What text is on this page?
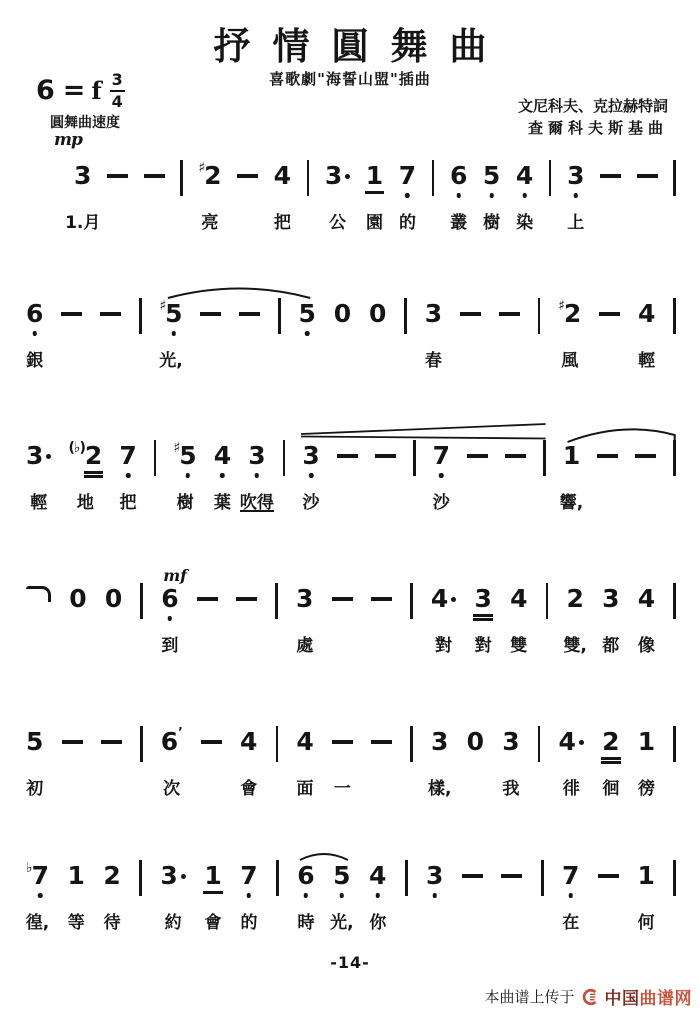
抒情圓舞曲
喜歌劇"海誓山盟"插曲
6 = f $\frac{3}{4}$
圓舞曲速度
mp
文尼科夫、克拉赫特詞
查爾科夫斯基曲
3
1.月
♯ 2
亮
4
把
3
公
1
園
7
的
6
叢
5
樹
4
染
3
上
6
銀
♯ 5
光,
5 0 0 3
春
♯ 2
風
4
輕
3
輕
(♭) 2
地
7
把
♯ 5
樹
4
葉
3
吹得
3
沙
7
沙
1
響,
0 0
mf
6
到
3
處
4
對
3
對
4
雙
2
雙,
3
都
4
像
5
初
6 ’
次
4
會
4
面 一
3
樣,
0 3
我
4
徘
2
徊
1
徬
♭ 7
徨,
1
等
2
待
3
約
1
會
7
的
6
時
5
光,
4
你
3	7
在
1
何
-14-
本曲谱上传于 中国曲谱网
